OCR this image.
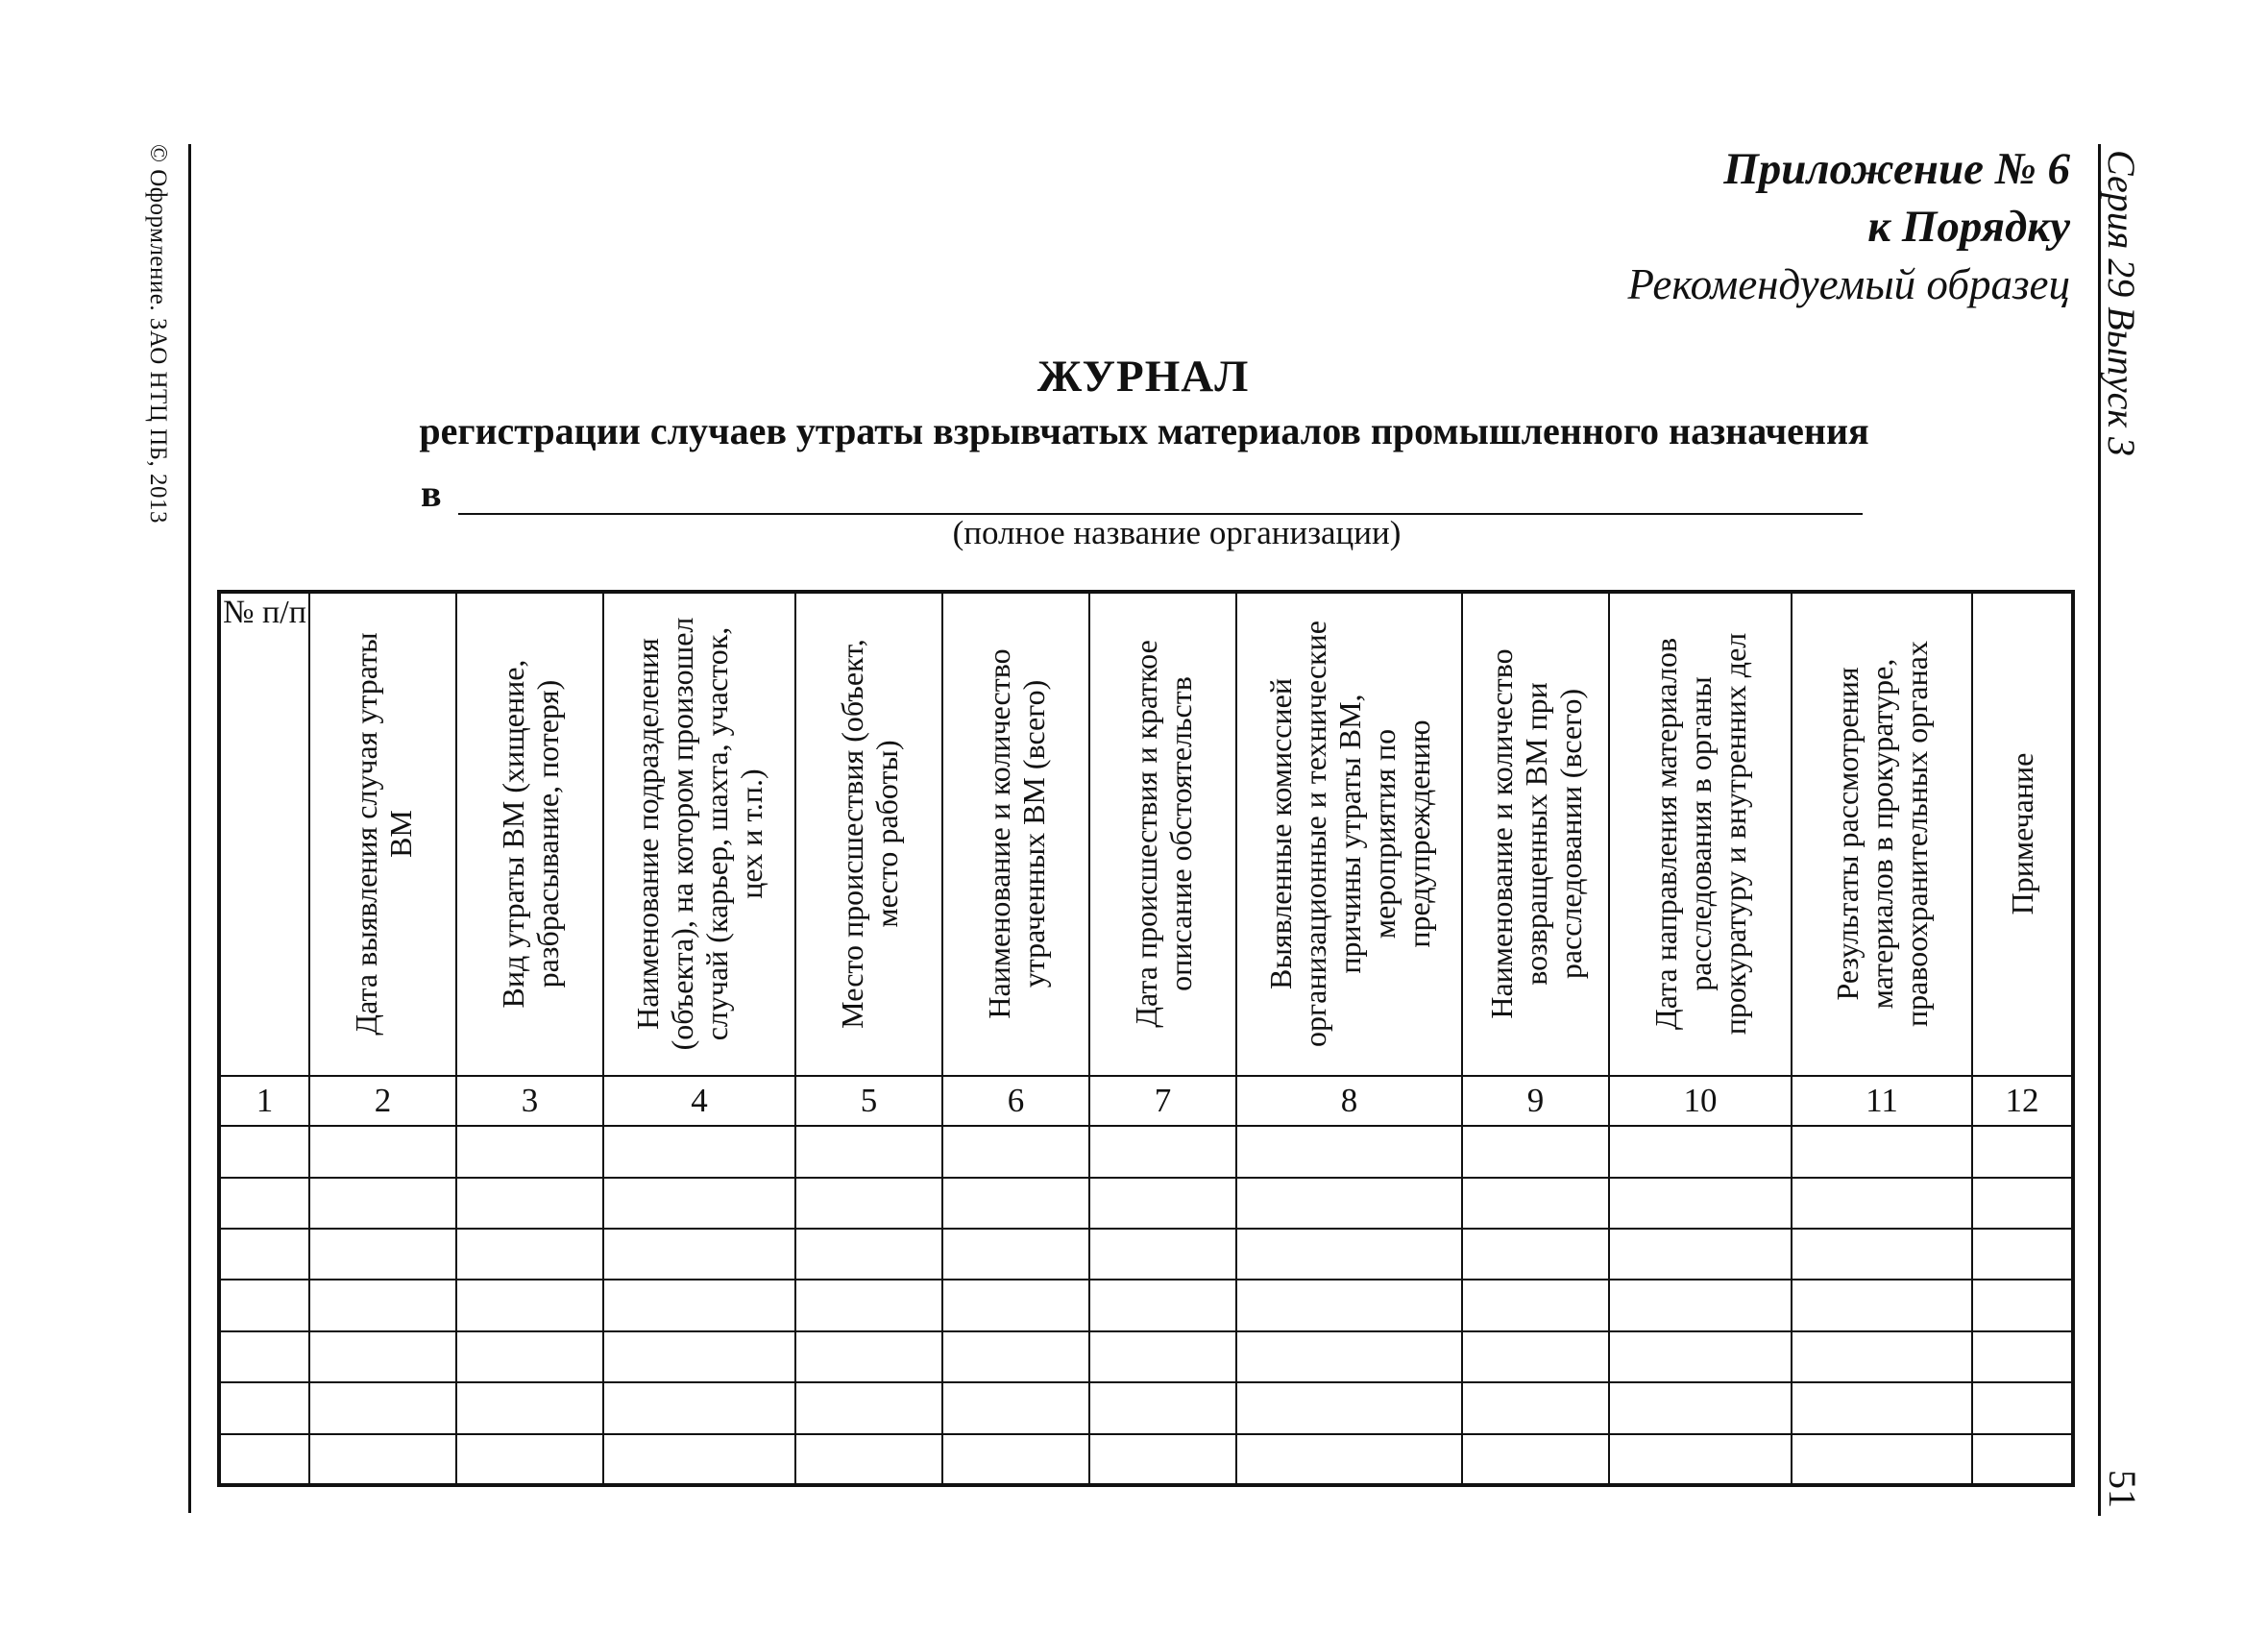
© Оформление. ЗАО НТЦ ПБ, 2013	Серия 29 Выпуск 3
51
Приложение № 6
к Порядку
Рекомендуемый образец
ЖУРНАЛ
регистрации случаев утраты взрывчатых материалов промышленного назначения
в
(полное название организации)
№ п/п	Дата выявления случая утраты ВМ	Вид утраты ВМ (хищение, разбрасывание, потеря)	Наименование подразделения (объекта), на котором произошел случай (карьер, шахта, участок, цех и т.п.)	Место происшествия (объект, место работы)	Наименование и количество утраченных ВМ (всего)	Дата происшествия и краткое описание обстоятельств	Выявленные комиссией организационные и технические причины утраты ВМ, мероприятия по предупреждению	Наименование и количество возвращенных ВМ при расследовании (всего)	Дата направления материалов расследования в органы прокуратуру и внутренних дел	Результаты рассмотрения материалов в прокуратуре, правоохранительных органах	Примечание

1	2	3	4	5	6	7	8	9	10	11	12
